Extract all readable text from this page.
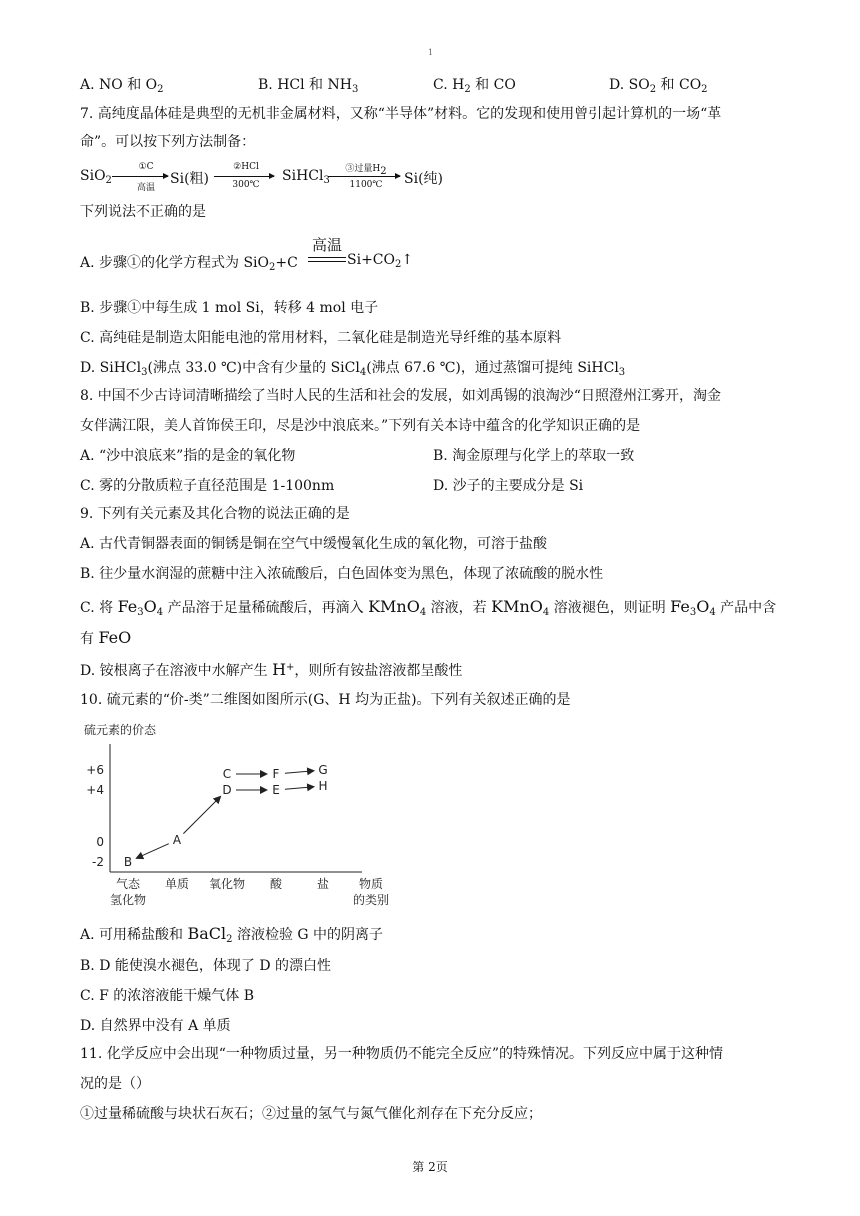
1
A. NO 和 $O_2$	B. HCl 和 $NH_3$	C. $H_2$ 和 CO	D. $SO_2$ 和 $CO_2$
7. 高纯度晶体硅是典型的无机非金属材料，又称“半导体”材料。它的发现和使用曾引起计算机的一场“革
命”。可以按下列方法制备：
SiO$_2$
①C
高温
Si(粗)
②HCl
300℃
SiHCl$_3$
③过量$H_2$
1100℃	Si(纯)
下列说法不正确的是
A. 步骤①的化学方程式为 SiO$_2$+C
高温
$Si+CO_2↑$
B. 步骤①中每生成 1 mol Si，转移 4 mol 电子
C. 高纯硅是制造太阳能电池的常用材料，二氧化硅是制造光导纤维的基本原料
D. SiHCl$_3$(沸点 33.0 ℃)中含有少量的 SiCl$_4$(沸点 67.6 ℃)，通过蒸馏可提纯 SiHCl$_3$
8. 中国不少古诗词清晰描绘了当时人民的生活和社会的发展，如刘禹锡的浪淘沙“日照澄州江雾开，淘金
女伴满江限，美人首饰侯王印，尽是沙中浪底来。”下列有关本诗中蕴含的化学知识正确的是
A. “沙中浪底来”指的是金的氧化物	B. 淘金原理与化学上的萃取一致
C. 雾的分散质粒子直径范围是 1-100nm	D. 沙子的主要成分是 Si
9. 下列有关元素及其化合物的说法正确的是
A. 古代青铜器表面的铜锈是铜在空气中缓慢氧化生成的氧化物，可溶于盐酸
B. 往少量水润湿的蔗糖中注入浓硫酸后，白色固体变为黑色，体现了浓硫酸的脱水性
C. 将 $Fe_3O_4$ 产品溶于足量稀硫酸后，再滴入 KMnO$_4$ 溶液，若 KMnO$_4$ 溶液褪色，则证明 $Fe_3O_4$ 产品中含
有 FeO
D. 铵根离子在溶液中水解产生 H+，则所有铵盐溶液都呈酸性
10. 硫元素的“价-类”二维图如图所示(G、H 均为正盐)。下列有关叙述正确的是
硫元素的价态
+6
+4
0
-2
气态
氢化物
单质 氧化物 酸	盐 物质
的类别
B
A
C
D
F
E
G
H
A. 可用稀盐酸和 BaCl$_2$ 溶液检验 G 中的阴离子
B. D 能使溴水褪色，体现了 D 的漂白性
C. F 的浓溶液能干燥气体 B
D. 自然界中没有 A 单质
11. 化学反应中会出现“一种物质过量，另一种物质仍不能完全反应”的特殊情况。下列反应中属于这种情
况的是（）
①过量稀硫酸与块状石灰石；②过量的氢气与氮气催化剂存在下充分反应；
第 2页
